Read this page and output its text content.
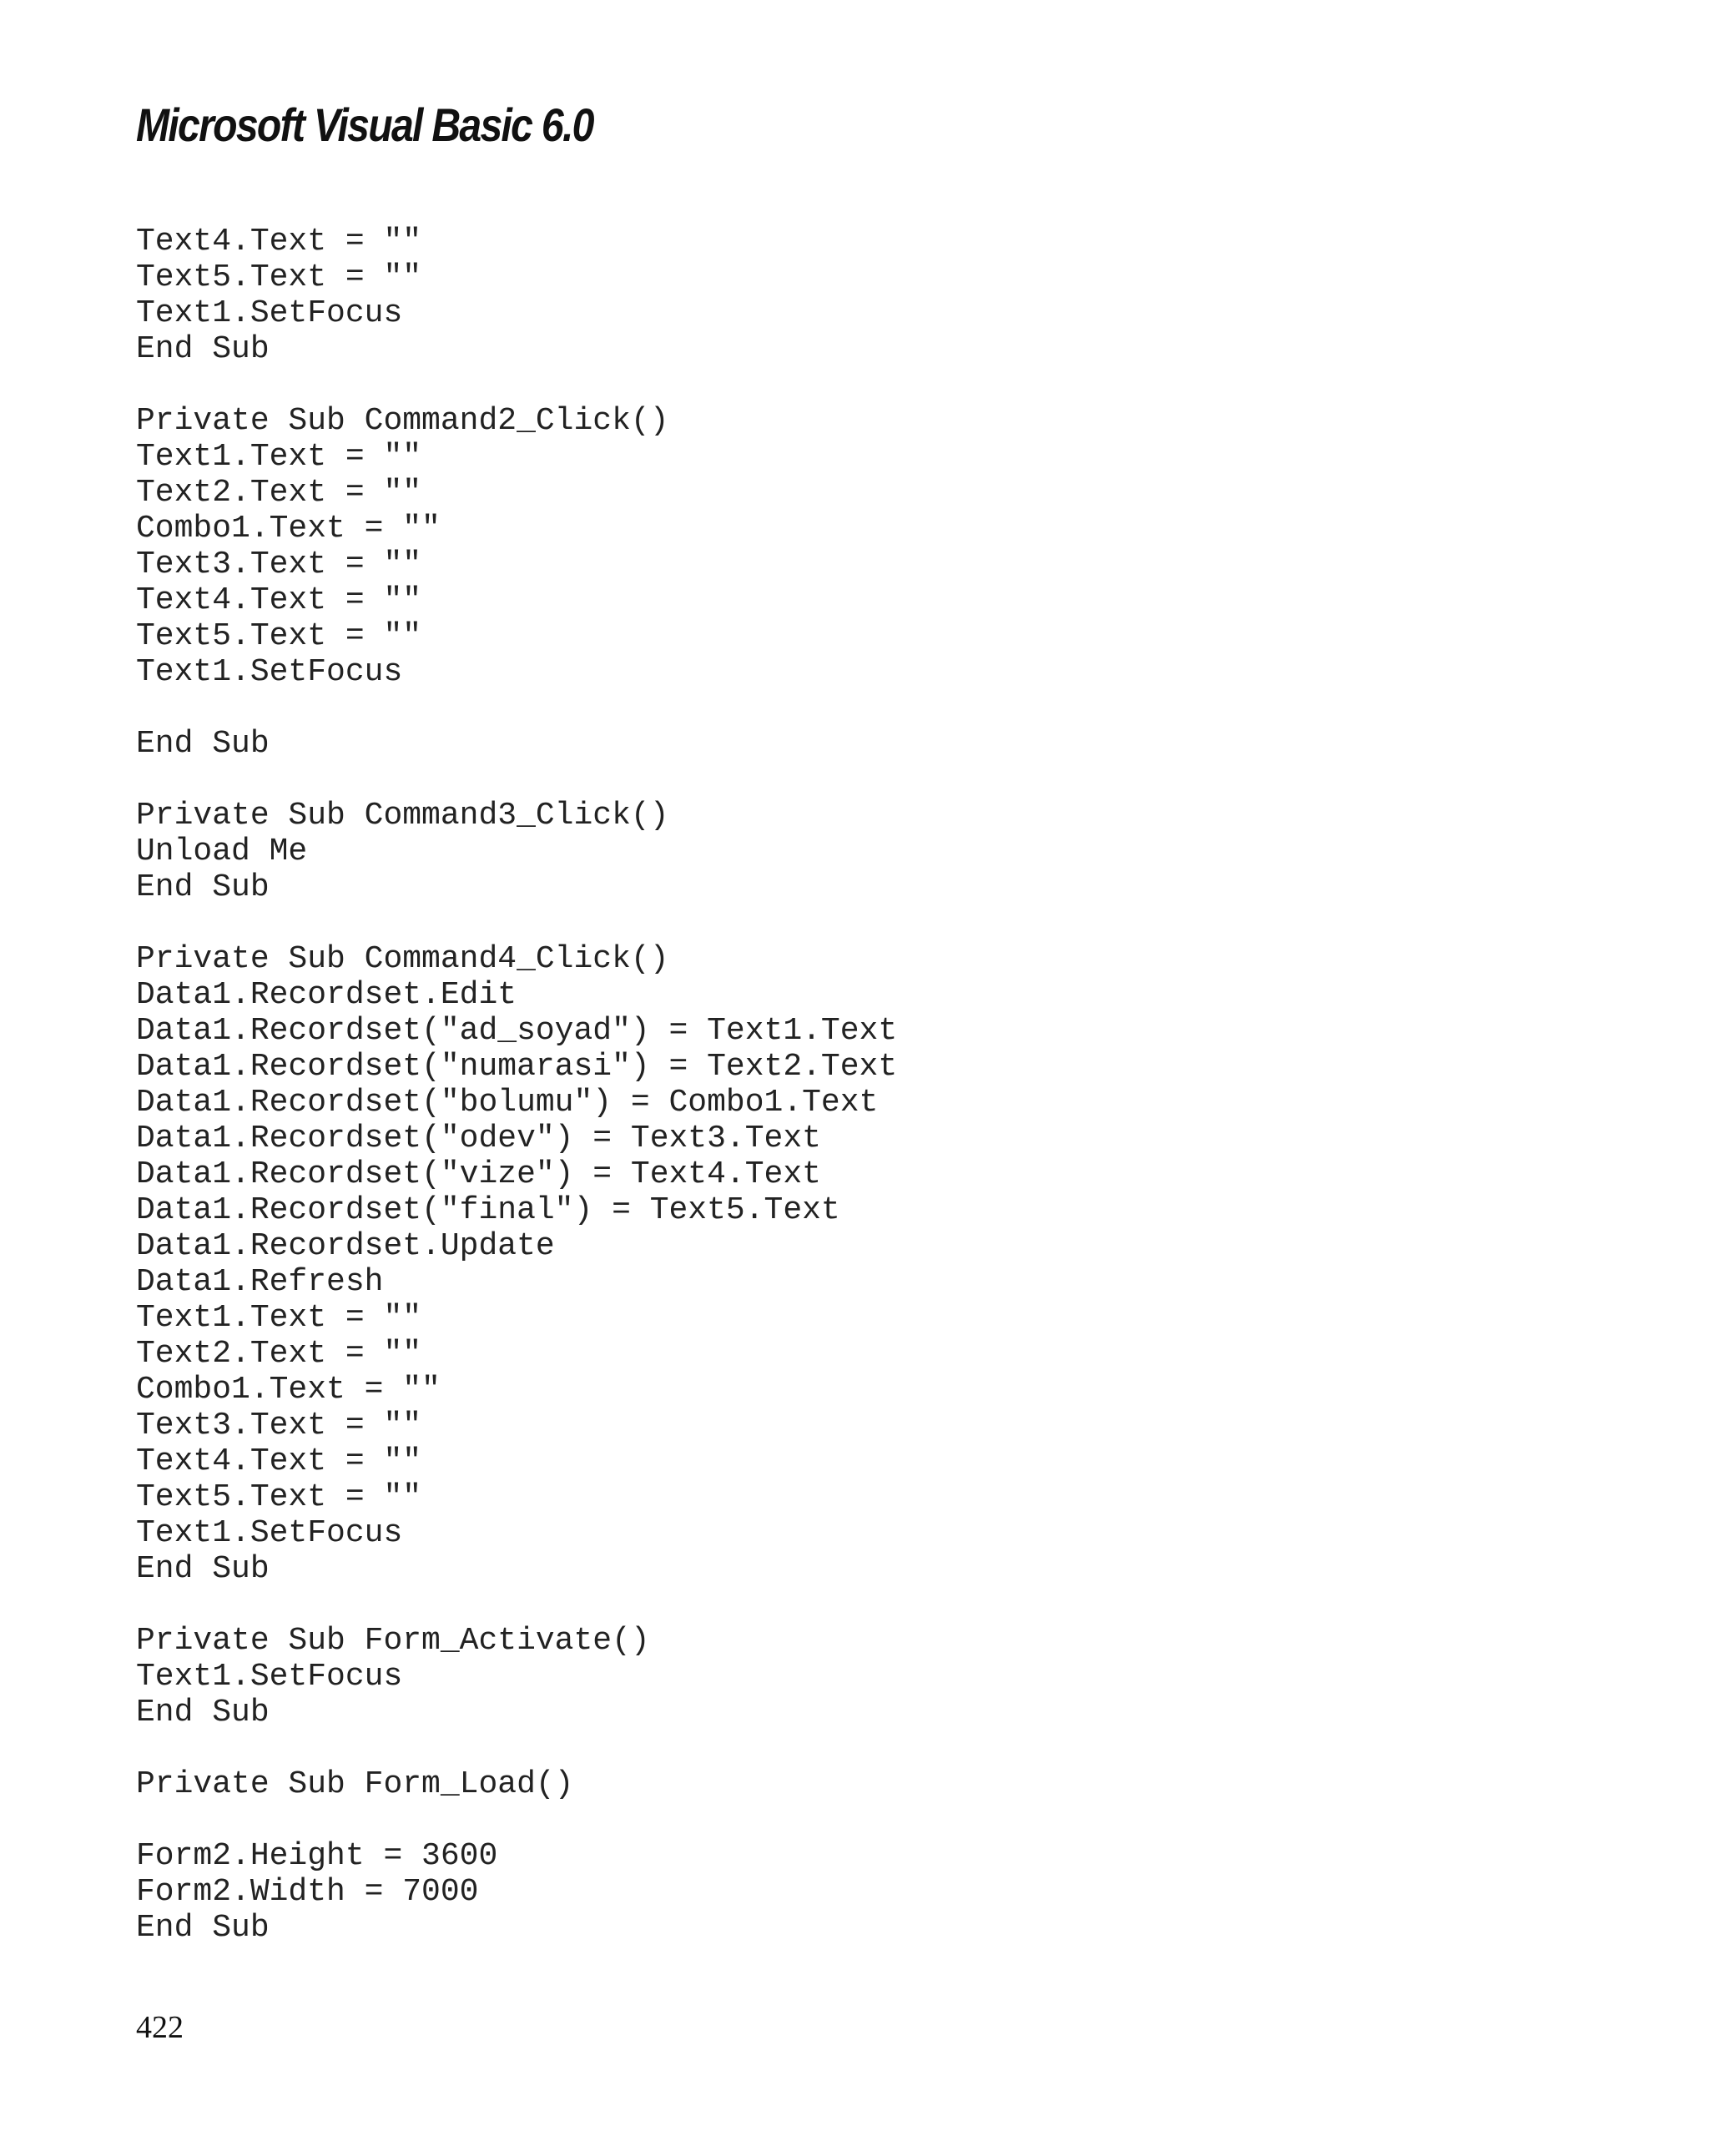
Microsoft Visual Basic 6.0
Text4.Text = ""
Text5.Text = ""
Text1.SetFocus
End Sub
Private Sub Command2_Click()
Text1.Text = ""
Text2.Text = ""
Combo1.Text = ""
Text3.Text = ""
Text4.Text = ""
Text5.Text = ""
Text1.SetFocus
End Sub
Private Sub Command3_Click()
Unload Me
End Sub
Private Sub Command4_Click()
Data1.Recordset.Edit
Data1.Recordset("ad_soyad") = Text1.Text
Data1.Recordset("numarasi") = Text2.Text
Data1.Recordset("bolumu") = Combo1.Text
Data1.Recordset("odev") = Text3.Text
Data1.Recordset("vize") = Text4.Text
Data1.Recordset("final") = Text5.Text
Data1.Recordset.Update
Data1.Refresh
Text1.Text = ""
Text2.Text = ""
Combo1.Text = ""
Text3.Text = ""
Text4.Text = ""
Text5.Text = ""
Text1.SetFocus
End Sub
Private Sub Form_Activate()
Text1.SetFocus
End Sub
Private Sub Form_Load()
Form2.Height = 3600
Form2.Width = 7000
End Sub
422
